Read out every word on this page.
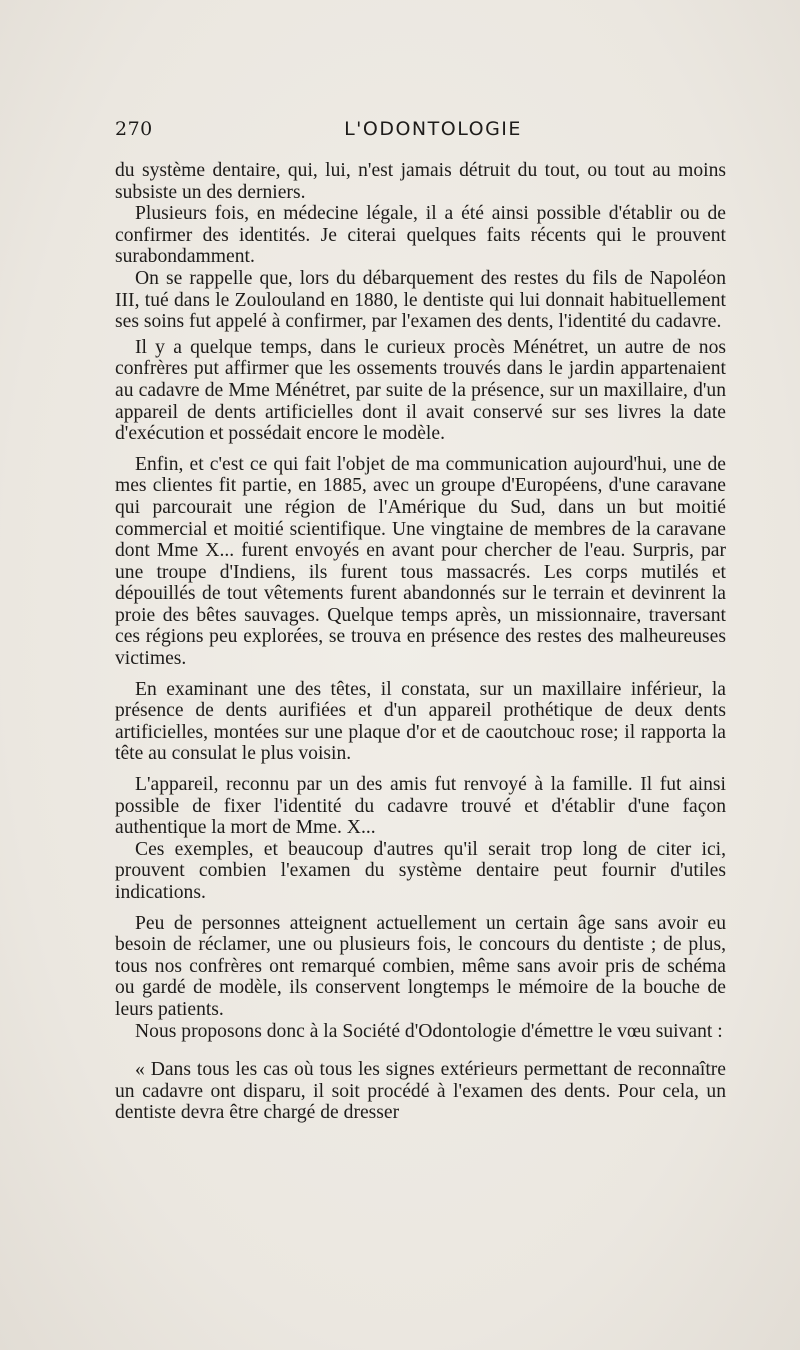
270	L'ODONTOLOGIE

du système dentaire, qui, lui, n'est jamais détruit du tout, ou tout au moins subsiste un des derniers.

Plusieurs fois, en médecine légale, il a été ainsi possible d'établir ou de confirmer des identités. Je citerai quelques faits récents qui le prouvent surabondamment.

On se rappelle que, lors du débarquement des restes du fils de Napoléon III, tué dans le Zoulouland en 1880, le dentiste qui lui donnait habituellement ses soins fut appelé à confirmer, par l'examen des dents, l'identité du cadavre.

Il y a quelque temps, dans le curieux procès Ménétret, un autre de nos confrères put affirmer que les ossements trouvés dans le jardin appartenaient au cadavre de Mme Ménétret, par suite de la présence, sur un maxillaire, d'un appareil de dents artificielles dont il avait conservé sur ses livres la date d'exécution et possédait encore le modèle.

Enfin, et c'est ce qui fait l'objet de ma communication aujourd'hui, une de mes clientes fit partie, en 1885, avec un groupe d'Européens, d'une caravane qui parcourait une région de l'Amérique du Sud, dans un but moitié commercial et moitié scientifique. Une vingtaine de membres de la caravane dont Mme X... furent envoyés en avant pour chercher de l'eau. Surpris, par une troupe d'Indiens, ils furent tous massacrés. Les corps mutilés et dépouillés de tout vêtements furent abandonnés sur le terrain et devinrent la proie des bêtes sauvages. Quelque temps après, un missionnaire, traversant ces régions peu explorées, se trouva en présence des restes des malheureuses victimes.

En examinant une des têtes, il constata, sur un maxillaire inférieur, la présence de dents aurifiées et d'un appareil prothétique de deux dents artificielles, montées sur une plaque d'or et de caoutchouc rose; il rapporta la tête au consulat le plus voisin.

L'appareil, reconnu par un des amis fut renvoyé à la famille. Il fut ainsi possible de fixer l'identité du cadavre trouvé et d'établir d'une façon authentique la mort de Mme. X...

Ces exemples, et beaucoup d'autres qu'il serait trop long de citer ici, prouvent combien l'examen du système dentaire peut fournir d'utiles indications.

Peu de personnes atteignent actuellement un certain âge sans avoir eu besoin de réclamer, une ou plusieurs fois, le concours du dentiste ; de plus, tous nos confrères ont remarqué combien, même sans avoir pris de schéma ou gardé de modèle, ils conservent longtemps le mémoire de la bouche de leurs patients.

Nous proposons donc à la Société d'Odontologie d'émettre le vœu suivant :

« Dans tous les cas où tous les signes extérieurs permettant de reconnaître un cadavre ont disparu, il soit procédé à l'examen des dents. Pour cela, un dentiste devra être chargé de dresser
